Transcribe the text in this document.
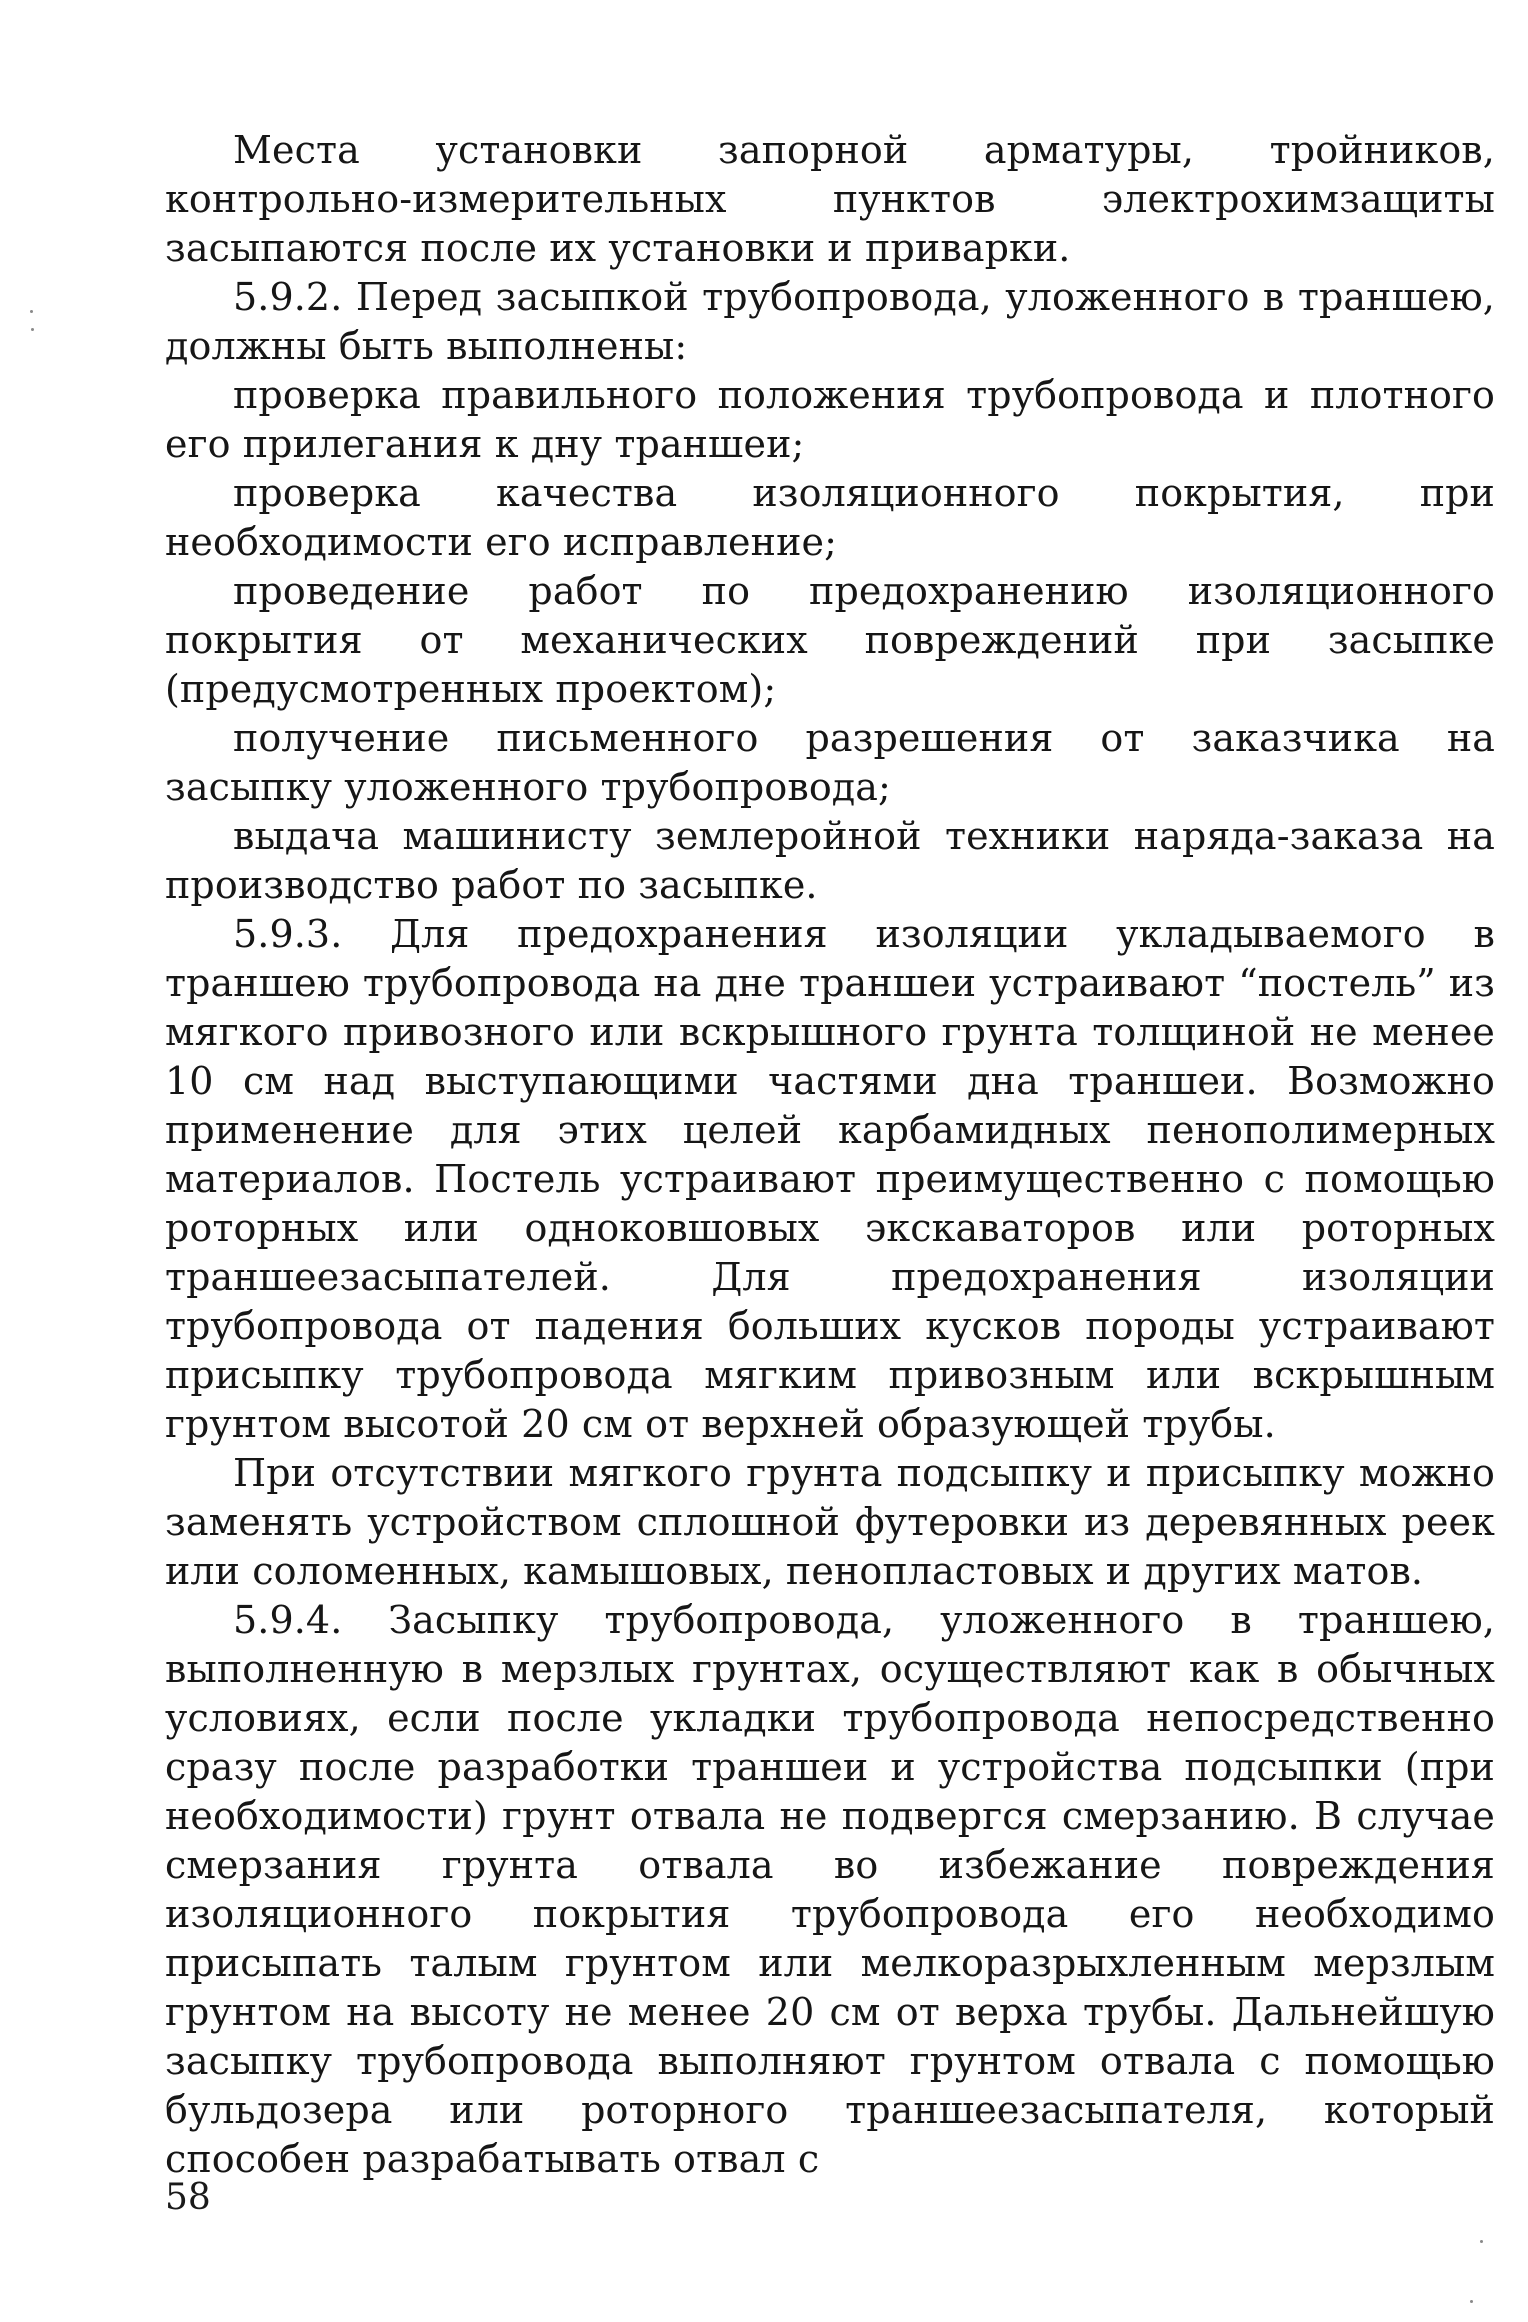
Места установки запорной арматуры, тройников, контрольно-измерительных пунктов электрохимзащиты засыпаются после их установки и приварки.

5.9.2. Перед засыпкой трубопровода, уложенного в траншею, должны быть выполнены:

проверка правильного положения трубопровода и плотного его прилегания к дну траншеи;

проверка качества изоляционного покрытия, при необходимости его исправление;

проведение работ по предохранению изоляционного покрытия от механических повреждений при засыпке (предусмотренных проектом);

получение письменного разрешения от заказчика на засыпку уложенного трубопровода;

выдача машинисту землеройной техники наряда-заказа на производство работ по засыпке.

5.9.3. Для предохранения изоляции укладываемого в траншею трубопровода на дне траншеи устраивают “постель” из мягкого привозного или вскрышного грунта толщиной не менее 10 см над выступающими частями дна траншеи. Возможно применение для этих целей карбамидных пенополимерных материалов. Постель устраивают преимущественно с помощью роторных или одноковшовых экскаваторов или роторных траншеезасыпателей. Для предохранения изоляции трубопровода от падения больших кусков породы устраивают присыпку трубопровода мягким привозным или вскрышным грунтом высотой 20 см от верхней образующей трубы.

При отсутствии мягкого грунта подсыпку и присыпку можно заменять устройством сплошной футеровки из деревянных реек или соломенных, камышовых, пенопластовых и других матов.

5.9.4. Засыпку трубопровода, уложенного в траншею, выполненную в мерзлых грунтах, осуществляют как в обычных условиях, если после укладки трубопровода непосредственно сразу после разработки траншеи и устройства подсыпки (при необходимости) грунт отвала не подвергся смерзанию. В случае смерзания грунта отвала во избежание повреждения изоляционного покрытия трубопровода его необходимо присыпать талым грунтом или мелкоразрыхленным мерзлым грунтом на высоту не менее 20 см от верха трубы. Дальнейшую засыпку трубопровода выполняют грунтом отвала с помощью бульдозера или роторного траншеезасыпателя, который способен разрабатывать отвал с

58
